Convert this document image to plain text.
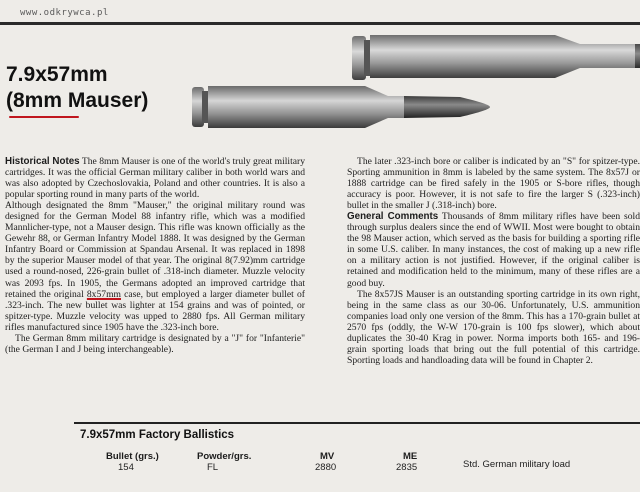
www.odkrywca.pl
7.9x57mm
(8mm Mauser)

Historical Notes The 8mm Mauser is one of the world's truly great military cartridges. It was the official German military caliber in both world wars and was also adopted by Czechoslovakia, Poland and other countries. It is also a popular sporting round in many parts of the world.

Although designated the 8mm "Mauser," the original military round was designed for the German Model 88 infantry rifle, which was a modified Mannlicher-type, not a Mauser design. This rifle was known officially as the Gewehr 88, or German Infantry Model 1888. It was designed by the German Infantry Board or Commission at Spandau Arsenal. It was replaced in 1898 by the superior Mauser model of that year. The original 8(7.92)mm cartridge used a round-nosed, 226-grain bullet of .318-inch diameter. Muzzle velocity was 2093 fps. In 1905, the Germans adopted an improved cartridge that retained the original 8x57mm case, but employed a larger diameter bullet of .323-inch. The new bullet was lighter at 154 grains and was of pointed, or spitzer-type. Muzzle velocity was upped to 2880 fps. All German military rifles manufactured since 1905 have the .323-inch bore.

The German 8mm military cartridge is designated by a "J" for "Infanterie" (the German I and J being interchangeable).

The later .323-inch bore or caliber is indicated by an "S" for spitzer-type. Sporting ammunition in 8mm is labeled by the same system. The 8x57J or 1888 cartridge can be fired safely in the 1905 or S-bore rifles, though accuracy is poor. However, it is not safe to fire the larger S (.323-inch) bullet in the smaller J (.318-inch) bore.

General Comments Thousands of 8mm military rifles have been sold through surplus dealers since the end of WWII. Most were bought to obtain the 98 Mauser action, which served as the basis for building a sporting rifle in some U.S. caliber. In many instances, the cost of making up a new rifle on a military action is not justified. However, if the original caliber is retained and modification held to the minimum, many of these rifles are a good buy.

The 8x57JS Mauser is an outstanding sporting cartridge in its own right, being in the same class as our 30-06. Unfortunately, U.S. ammunition companies load only one version of the 8mm. This has a 170-grain bullet at 2570 fps (oddly, the W-W 170-grain is 100 fps slower), which about duplicates the 30-40 Krag in power. Norma imports both 165- and 196-grain sporting loads that bring out the full potential of this cartridge. Sporting loads and handloading data will be found in Chapter 2.

7.9x57mm Factory Ballistics
Bullet (grs.)	Powder/grs.	MV	ME
154	FL	2880	2835	Std. German military load
